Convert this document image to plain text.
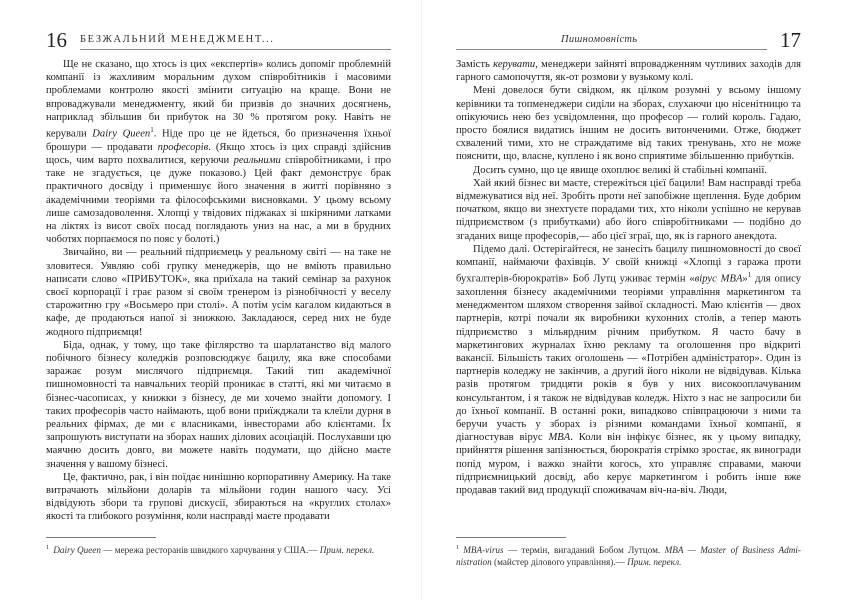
16 БЕЗЖАЛЬНИЙ МЕНЕДЖМЕНТ...

Ще не сказано, що хтось із цих «експертів» колись допоміг проблемній компанії із жахливим моральним духом співробітників і масовими проблемами контролю якості змінити ситуацію на краще. Вони не впроваджували менеджменту, який би призвів до значних досягнень, наприклад збільшив би прибуток на 30 % протягом року. Навіть не керували Dairy Queen$^1$. Ніде про це не йдеться, бо призначення їхньої брошури — продавати професорів. (Якщо хтось із цих справді здійснив щось, чим варто похвалитися, керуючи реальними співробітниками, і про таке не згадується, це дуже показово.) Цей факт демонструє брак практичного досвіду і применшує його значення в житті порівняно з академічними теоріями та філософськими висновками. У цьому всьому лише самозадоволення. Хлопці у твідових піджаках зі шкіряними латками на ліктях із висот своїх посад поглядають униз на нас, а ми в брудних чоботях порпаємося по пояс у болоті.)

Звичайно, ви — реальний підприємець у реальному світі — на таке не зловитеся. Уявляю собі групку менеджерів, що не вміють правильно написати слово «ПРИБУТОК», яка приїхала на такий семінар за рахунок своєї корпорації і грає разом зі своїм тренером із різнобічності у веселу старожитню гру «Восьмеро при столі». А потім усім кагалом кидаються в кафе, де продаються напої зі знижкою. Закладаюся, серед них не буде жодного підприємця!

Біда, однак, у тому, що таке фіглярство та шарлатанство від малого побічного бізнесу коледжів розповсюджує бацилу, яка вже способами заражає розум мислячого підприємця. Такий тип академічної пишномовності та навчальних теорій проникає в статті, які ми читаємо в бізнес-часописах, у книжки з бізнесу, де ми хочемо знайти допомогу. І таких професорів часто наймають, щоб вони приїжджали та клеїли дурня в реальних фірмах, де ми є власниками, інвесторами або клієнтами. Їх запрошують виступати на зборах наших ділових асоціацій. Послухавши цю маячню досить довго, ви можете навіть подумати, що дійсно маєте значення у вашому бізнесі.

Це, фактично, рак, і він поїдає нинішню корпоративну Америку. На таке витрачають мільйони доларів та мільйони годин нашого часу. Усі відвідують збори та групові дискусії, збираються на «круглих столах» якості та глибокого розуміння, коли насправді маєте продавати

$^1$ Dairy Queen — мережа ресторанів швидкого харчування у США.— Прим. перекл.
Пишномовність	17

Замість керувати, менеджери зайняті впровадженням чутливих заходів для гарного самопочуття, як-от розмови у вузькому колі.

Мені довелося бути свідком, як цілком розумні у всьому іншому керівники та топменеджери сиділи на зборах, слухаючи цю нісенітницю та опікуючись нею без усвідомлення, що професор — голий король. Гадаю, просто боялися видатись іншим не досить витонченими. Отже, бюджет схвалений тими, хто не страждатиме від таких тренувань, хто не може пояснити, що, власне, куплено і як воно сприятиме збільшенню прибутків.

Досить сумно, що це явище охоплює великі й стабільні компанії.

Хай який бізнес ви маєте, стережіться цієї бацили! Вам насправді треба відмежуватися від неї. Зробіть проти неї запобіжне щеплення. Буде добрим початком, якщо ви знехтуєте порадами тих, хто ніколи успішно не керував підприємством (з прибутками) або його співробітниками — подібно до згаданих вище професорів,— або цієї зграї, що, як із гарного анекдота.

Підемо далі. Остерігайтеся, не занесіть бацилу пишномовності до своєї компанії, наймаючи фахівців. У своїй книжці «Хлопці з гаража проти бухгалтерів-бюрократів» Боб Лутц уживає термін «вірус MBA»$^1$ для опису захоплення бізнесу академічними теоріями управління маркетингом та менеджментом шляхом створення зайвої складності. Маю клієнтів — двох партнерів, котрі почали як виробники кухонних столів, а тепер мають підприємство з мільярдним річним прибутком. Я часто бачу в маркетингових журналах їхню рекламу та оголошення про відкриті вакансії. Більшість таких оголошень — «Потрібен адміністратор». Один із партнерів коледжу не закінчив, а другий його ніколи не відвідував. Кілька разів протягом тридцяти років я був у них високооплачуваним консультантом, і я також не відвідував коледж. Ніхто з нас не запросили би до їхньої компанії. В останні роки, випадково співпрацюючи з ними та беручи участь у зборах із різними командами їхньої компанії, я діагностував вірус MBA. Коли він інфікує бізнес, як у цьому випадку, прийняття рішення запізнюється, бюрократія стрімко зростає, як виногради попід муром, і важко знайти когось, хто управляє справами, маючи підприємницький досвід, або керує маркетингом і робить інше вже продавав такий вид продукції споживачам віч-на-віч. Люди,

$^1$ MBA-virus — термін, вигаданий Бобом Лутцом. MBA — Master of Business Administration (майстер ділового управління).— Прим. перекл.
